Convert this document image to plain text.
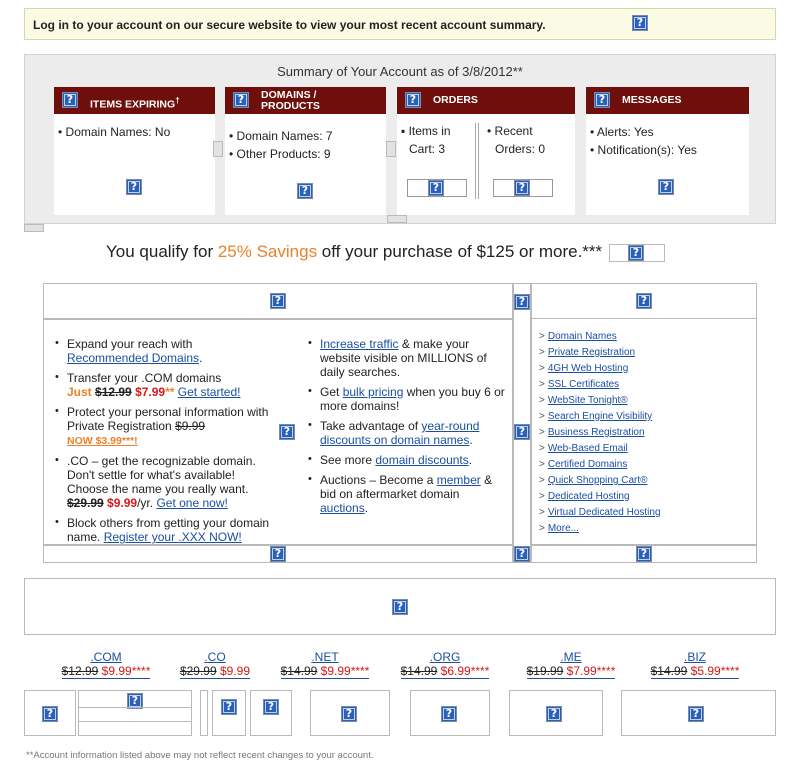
Log in to your account on our secure website to view your most recent account summary.	?
Summary of Your Account as of 3/8/2012**
?	ITEMS EXPIRING†
• Domain Names: No
?
?	DOMAINS /
PRODUCTS
• Domain Names: 7
• Other Products: 9
?
?	ORDERS
▪ Items in
Cart: 3
?
• Recent
Orders: 0
?
?	MESSAGES
• Alerts: Yes
• Notification(s): Yes
?
You qualify for 25% Savings off your purchase of $125 or more.***	?
?	?
?
?
?
?	?
• Expand your reach with
Recommended Domains.
• Transfer your .COM domains
Just $12.99 $7.99** Get started!
• Protect your personal information with Private Registration $9.99
NOW $3.99***!
• .CO – get the recognizable domain. Don't settle for what's available! Choose the name you really want.
$29.99 $9.99/yr. Get one now!
• Block others from getting your domain name. Register your .XXX NOW!
?
• Increase traffic & make your website visible on MILLIONS of daily searches.
• Get bulk pricing when you buy 6 or more domains!
• Take advantage of year-round discounts on domain names.
• See more domain discounts.
• Auctions – Become a member & bid on aftermarket domain auctions.
> Domain Names
> Private Registration
> 4GH Web Hosting
> SSL Certificates
> WebSite Tonight®
> Search Engine Visibility
> Business Registration
> Web-Based Email
> Certified Domains
> Quick Shopping Cart®
> Dedicated Hosting
> Virtual Dedicated Hosting
> More...
?
.COM
$12.99 $9.99****
.CO
$29.99 $9.99
.NET
$14.99 $9.99****
.ORG
$14.99 $6.99****
.ME
$19.99 $7.99****
.BIZ
$14.99 $5.99****
?
?	?	?
?	?	?	?
**Account information listed above may not reflect recent changes to your account.
